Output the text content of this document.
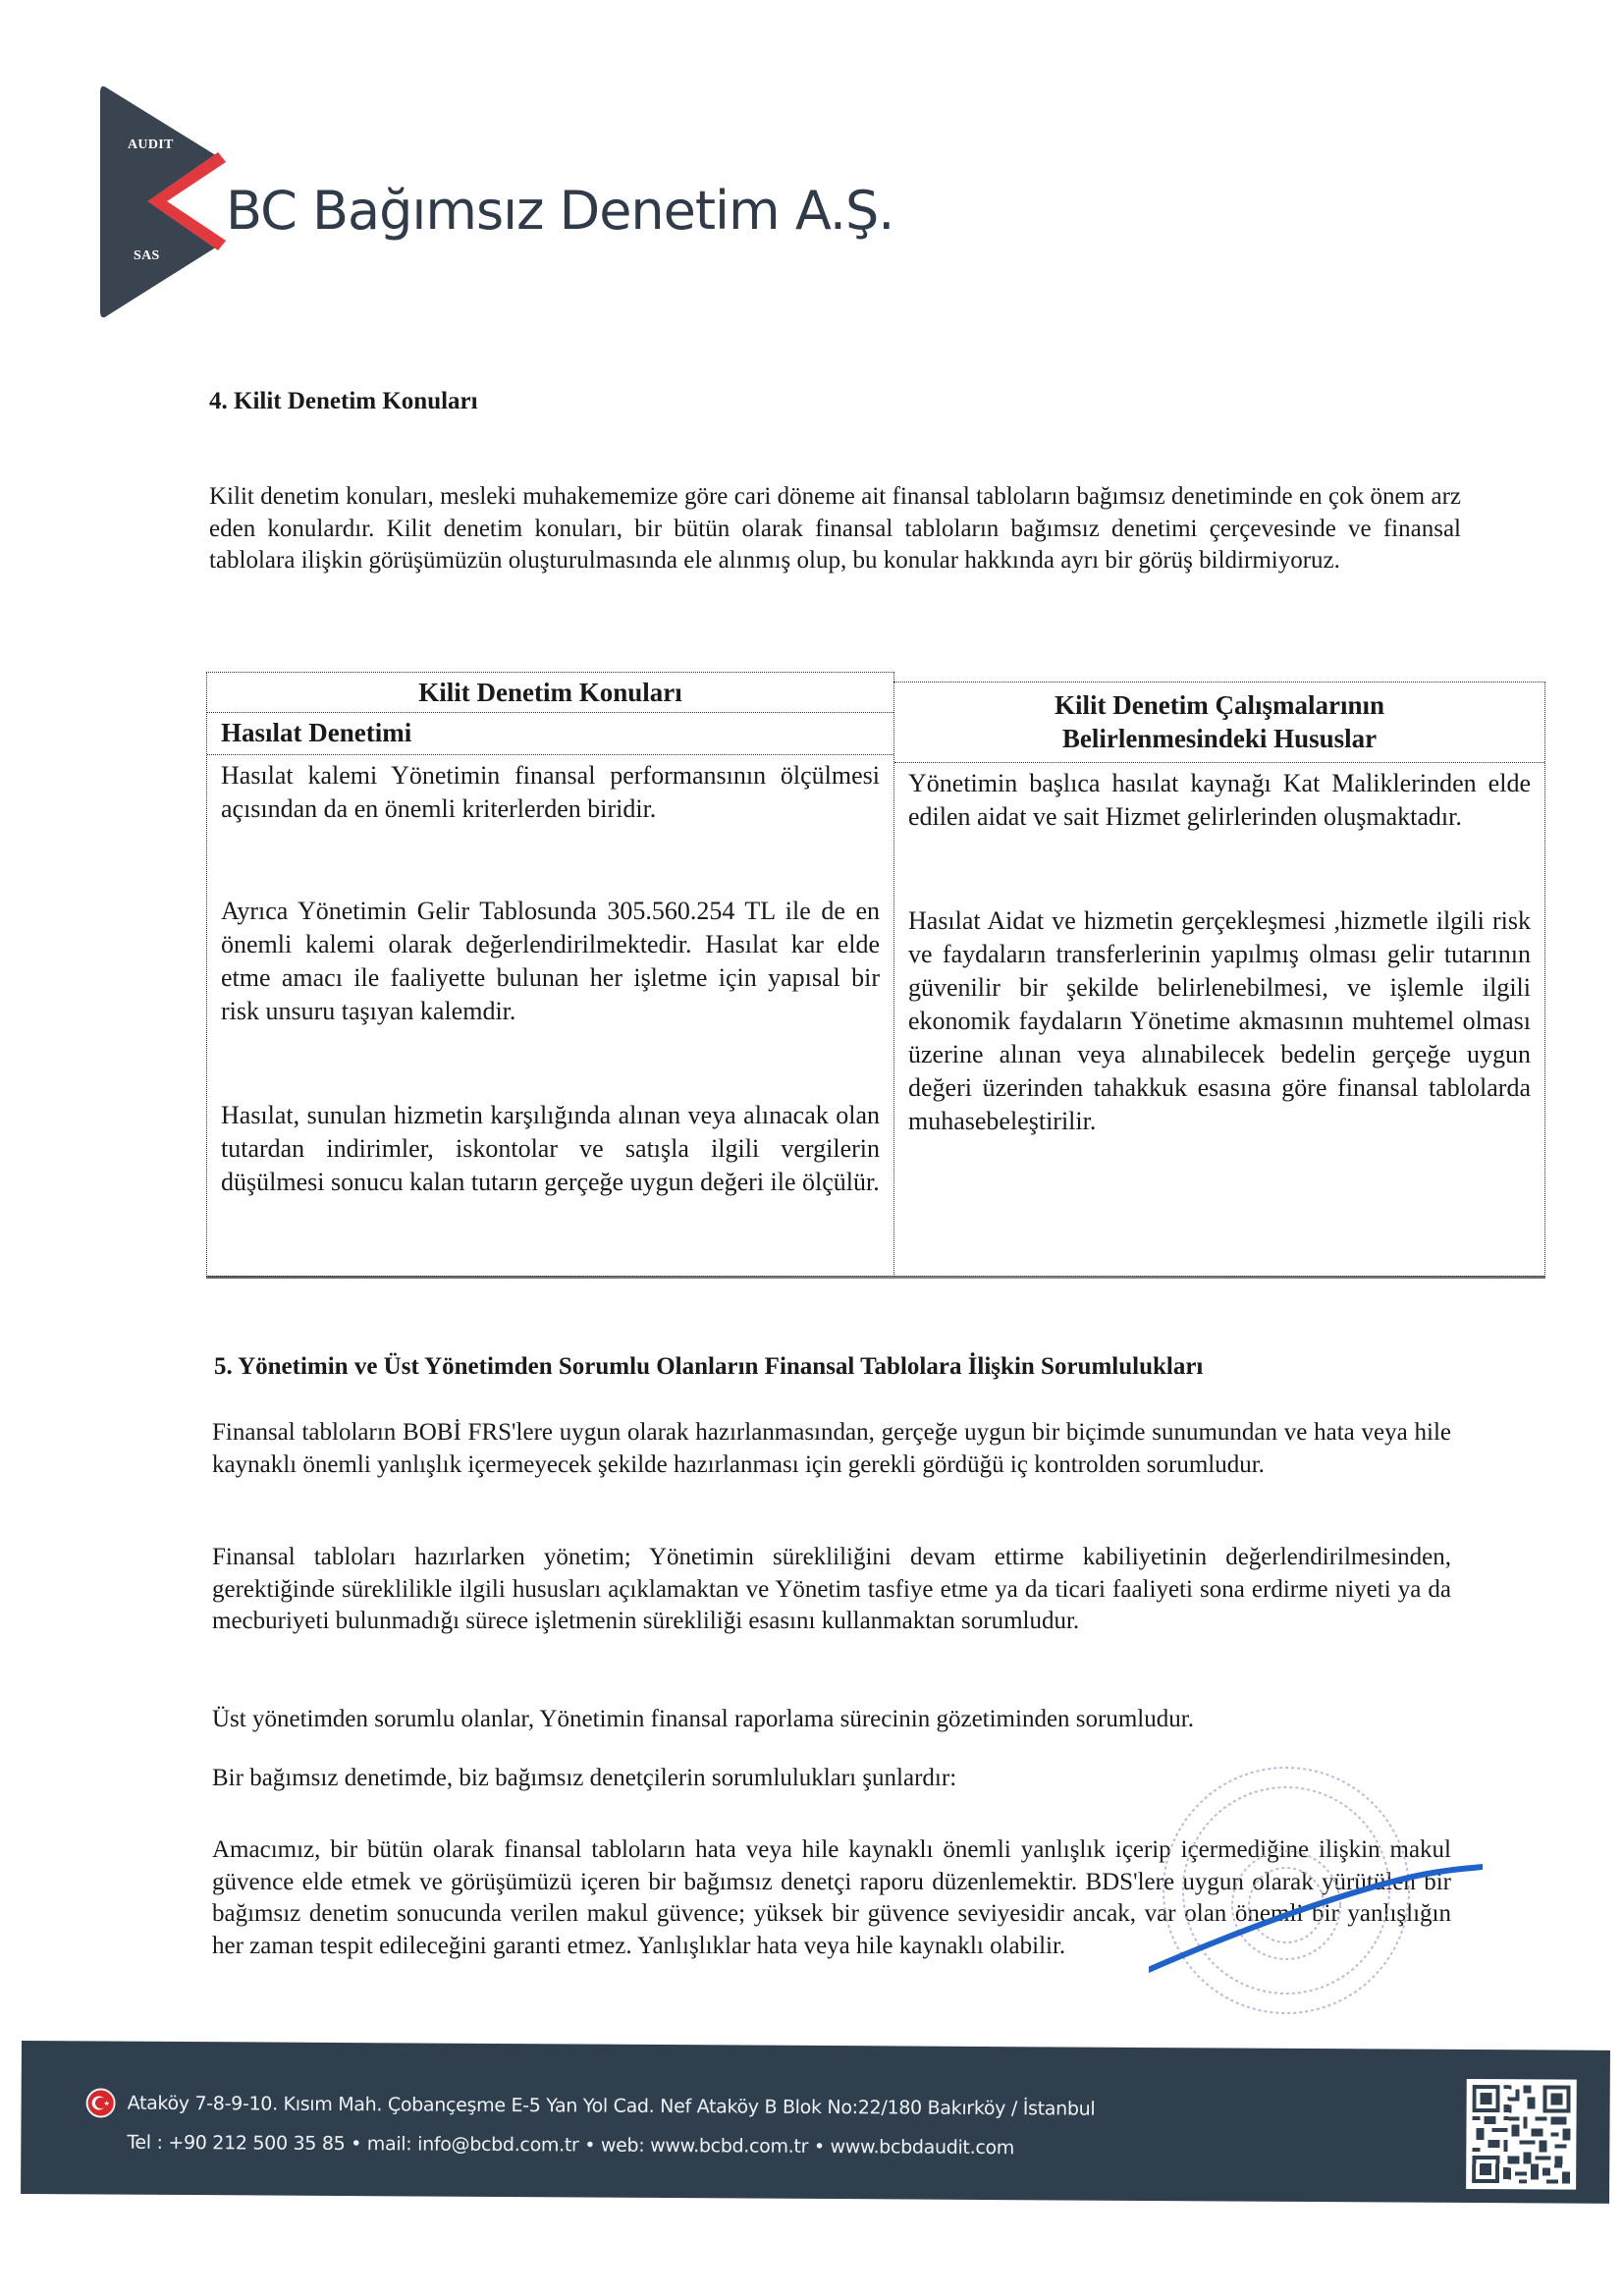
AUDIT
SAS
BC Bağımsız Denetim A.Ş.
4. Kilit Denetim Konuları
Kilit denetim konuları, mesleki muhakememize göre cari döneme ait finansal tabloların bağımsız denetiminde en çok önem arz eden konulardır. Kilit denetim konuları, bir bütün olarak finansal tabloların bağımsız denetimi çerçevesinde ve finansal tablolara ilişkin görüşümüzün oluşturulmasında ele alınmış olup, bu konular hakkında ayrı bir görüş bildirmiyoruz.
Kilit Denetim Konuları
Hasılat Denetimi
Hasılat kalemi Yönetimin finansal performansının ölçülmesi açısından da en önemli kriterlerden biridir.
Ayrıca Yönetimin Gelir Tablosunda 305.560.254 TL ile de en önemli kalemi olarak değerlendirilmektedir. Hasılat kar elde etme amacı ile faaliyette bulunan her işletme için yapısal bir risk unsuru taşıyan kalemdir.
Hasılat, sunulan hizmetin karşılığında alınan veya alınacak olan tutardan indirimler, iskontolar ve satışla ilgili vergilerin düşülmesi sonucu kalan tutarın gerçeğe uygun değeri ile ölçülür.
Kilit Denetim Çalışmalarının
Belirlenmesindeki Hususlar
Yönetimin başlıca hasılat kaynağı Kat Maliklerinden elde edilen aidat ve sait Hizmet gelirlerinden oluşmaktadır.
Hasılat Aidat ve hizmetin gerçekleşmesi ,hizmetle ilgili risk ve faydaların transferlerinin yapılmış olması gelir tutarının güvenilir bir şekilde belirlenebilmesi, ve işlemle ilgili ekonomik faydaların Yönetime akmasının muhtemel olması üzerine alınan veya alınabilecek bedelin gerçeğe uygun değeri üzerinden tahakkuk esasına göre finansal tablolarda muhasebeleştirilir.
5. Yönetimin ve Üst Yönetimden Sorumlu Olanların Finansal Tablolara İlişkin Sorumlulukları
Finansal tabloların BOBİ FRS'lere uygun olarak hazırlanmasından, gerçeğe uygun bir biçimde sunumundan ve hata veya hile kaynaklı önemli yanlışlık içermeyecek şekilde hazırlanması için gerekli gördüğü iç kontrolden sorumludur.
Finansal tabloları hazırlarken yönetim; Yönetimin sürekliliğini devam ettirme kabiliyetinin değerlendirilmesinden, gerektiğinde süreklilikle ilgili hususları açıklamaktan ve Yönetim tasfiye etme ya da ticari faaliyeti sona erdirme niyeti ya da mecburiyeti bulunmadığı sürece işletmenin sürekliliği esasını kullanmaktan sorumludur.
Üst yönetimden sorumlu olanlar, Yönetimin finansal raporlama sürecinin gözetiminden sorumludur.
Bir bağımsız denetimde, biz bağımsız denetçilerin sorumlulukları şunlardır:
Amacımız, bir bütün olarak finansal tabloların hata veya hile kaynaklı önemli yanlışlık içerip içermediğine ilişkin makul güvence elde etmek ve görüşümüzü içeren bir bağımsız denetçi raporu düzenlemektir. BDS'lere uygun olarak yürütülen bir bağımsız denetim sonucunda verilen makul güvence; yüksek bir güvence seviyesidir ancak, var olan önemli bir yanlışlığın her zaman tespit edileceğini garanti etmez. Yanlışlıklar hata veya hile kaynaklı olabilir.
Ataköy 7-8-9-10. Kısım Mah. Çobançeşme E-5 Yan Yol Cad. Nef Ataköy B Blok No:22/180 Bakırköy / İstanbul
Tel : +90 212 500 35 85 • mail: info@bcbd.com.tr • web: www.bcbd.com.tr • www.bcbdaudit.com
